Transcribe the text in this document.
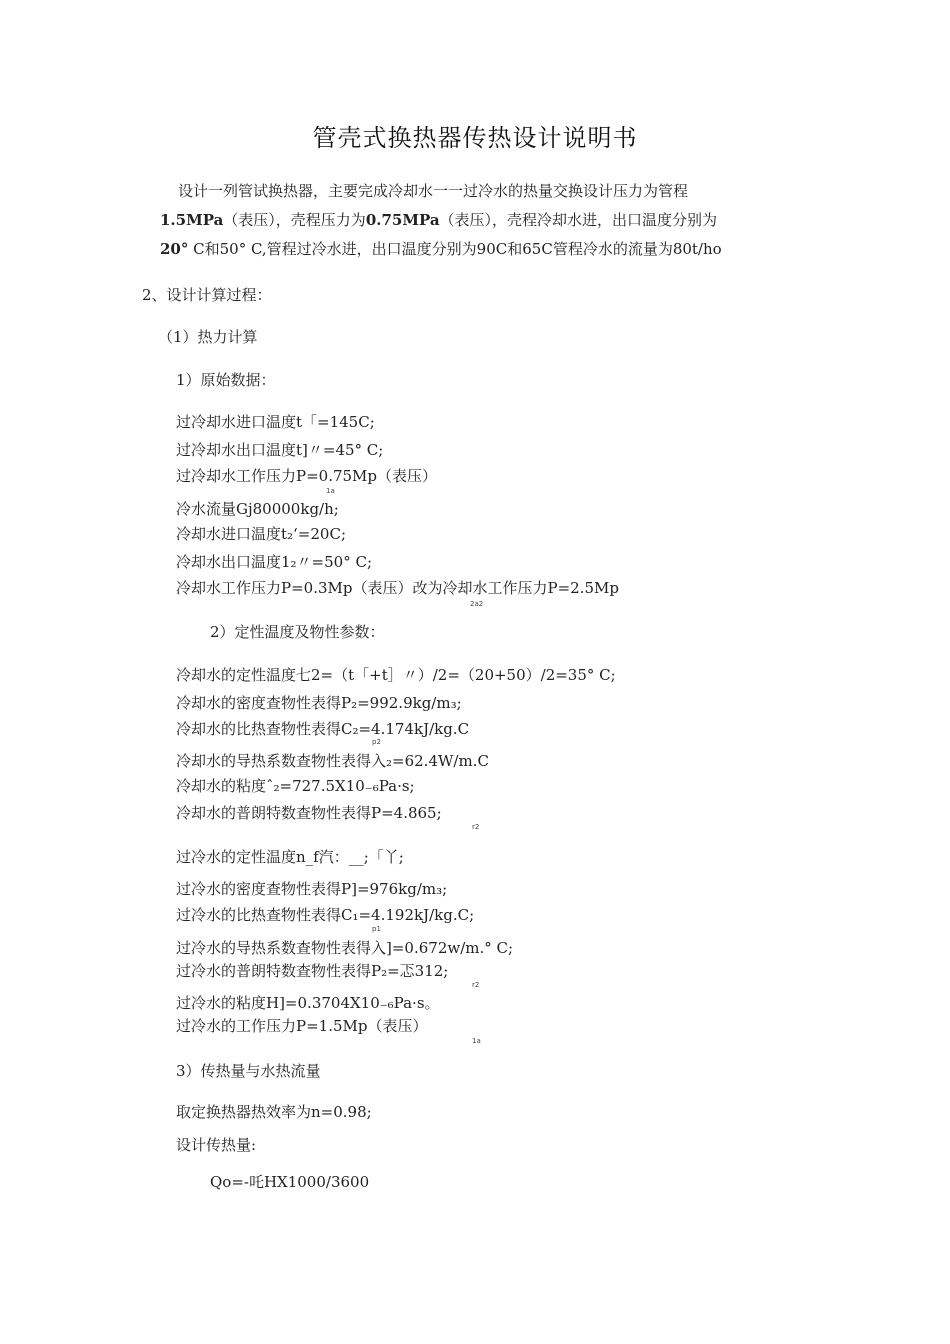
管壳式换热器传热设计说明书
设计一列管试换热器，主要完成冷却水一一过冷水的热量交换设计压力为管程
1.5MPa（表压），壳程压力为0.75MPa（表压），壳程冷却水进，出口温度分别为
20° C和50° C,管程过冷水进，出口温度分别为90C和65C管程冷水的流量为80t/ho
2、设计计算过程：
（1）热力计算
1）原始数据：
过冷却水进口温度t「=145C;
过冷却水出口温度t]〃=45° C;
过冷却水工作压力P=0.75Mp（表压）
1a
冷水流量Gj80000kg/h;
冷却水进口温度t₂‘=20C;
冷却水出口温度1₂〃=50° C;
冷却水工作压力P=0.3Mp（表压）改为冷却水工作压力P=2.5Mp
2a2
2）定性温度及物性参数：
冷却水的定性温度七2=（t「+t］〃）/2=（20+50）/2=35° C;
冷却水的密度查物性表得P₂=992.9kg/m₃;
冷却水的比热查物性表得C₂=4.174kJ/kg.C
p2
冷却水的导热系数查物性表得入₂=62.4W/m.C
冷却水的粘度ˆ₂=727.5X10₋₆Pa·s;
冷却水的普朗特数查物性表得P=4.865;
r2
过冷水的定性温度n_f汽：__;「丫;
过冷水的密度查物性表得P]=976kg/m₃;
过冷水的比热查物性表得C₁=4.192kJ/kg.C;
p1
过冷水的导热系数查物性表得入]=0.672w/m.° C;
过冷水的普朗特数查物性表得P₂=忑312;
r2
过冷水的粘度H]=0.3704X10₋₆Pa·s。
过冷水的工作压力P=1.5Mp（表压）
1a
3）传热量与水热流量
取定换热器热效率为n=0.98;
设计传热量:
Qo=-吒HX1000/3600
